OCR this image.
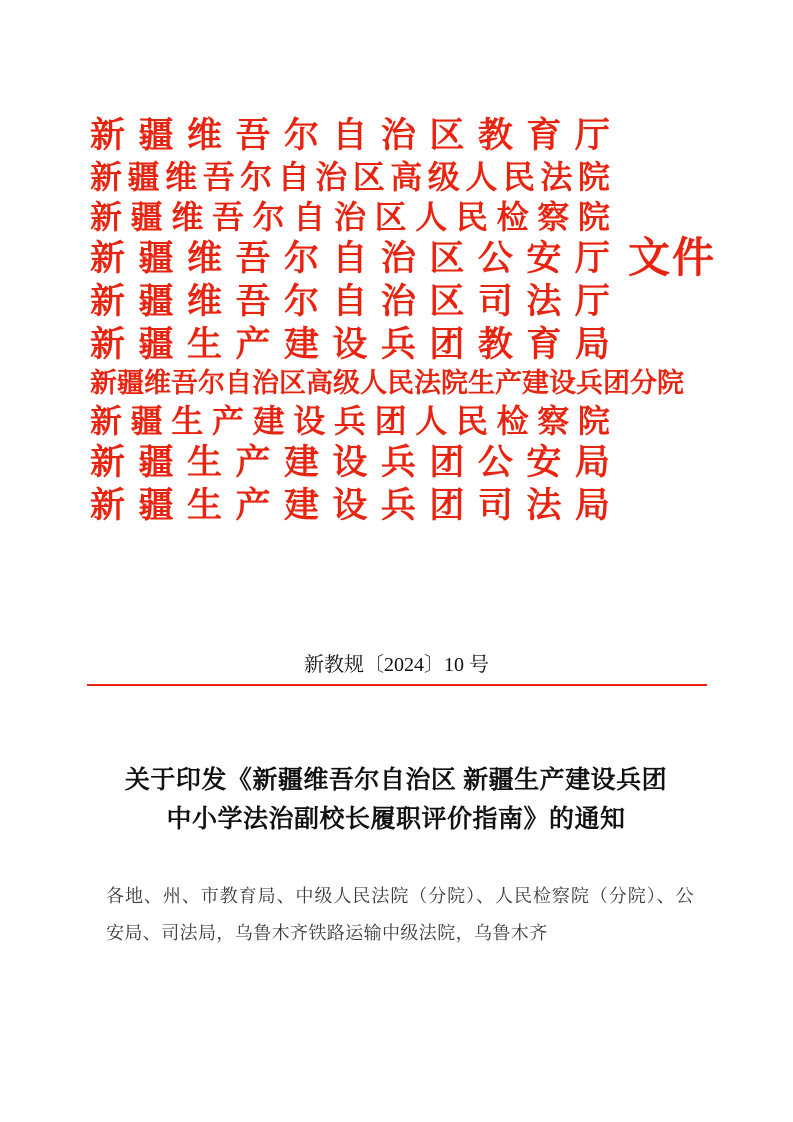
新 疆 维 吾 尔 自 治 区 教 育 厅
新 疆 维 吾 尔 自 治 区 高 级 人 民 法 院
新 疆 维 吾 尔 自 治 区 人 民 检 察 院
新 疆 维 吾 尔 自 治 区 公 安 厅
新 疆 维 吾 尔 自 治 区 司 法 厅
新 疆 生 产 建 设 兵 团 教 育 局
新 疆 维 吾 尔 自 治 区 高 级 人 民 法 院 生 产 建 设 兵 团 分 院
新 疆 生 产 建 设 兵 团 人 民 检 察 院
新 疆 生 产 建 设 兵 团 公 安 局
新 疆 生 产 建 设 兵 团 司 法 局
文件
新教规〔2024〕10 号
关于印发《新疆维吾尔自治区 新疆生产建设兵团
中小学法治副校长履职评价指南》的通知

各地、州、市教育局、中级人民法院（分院）、人民检察院（分院）、公安局、司法局，乌鲁木齐铁路运输中级法院，乌鲁木齐
